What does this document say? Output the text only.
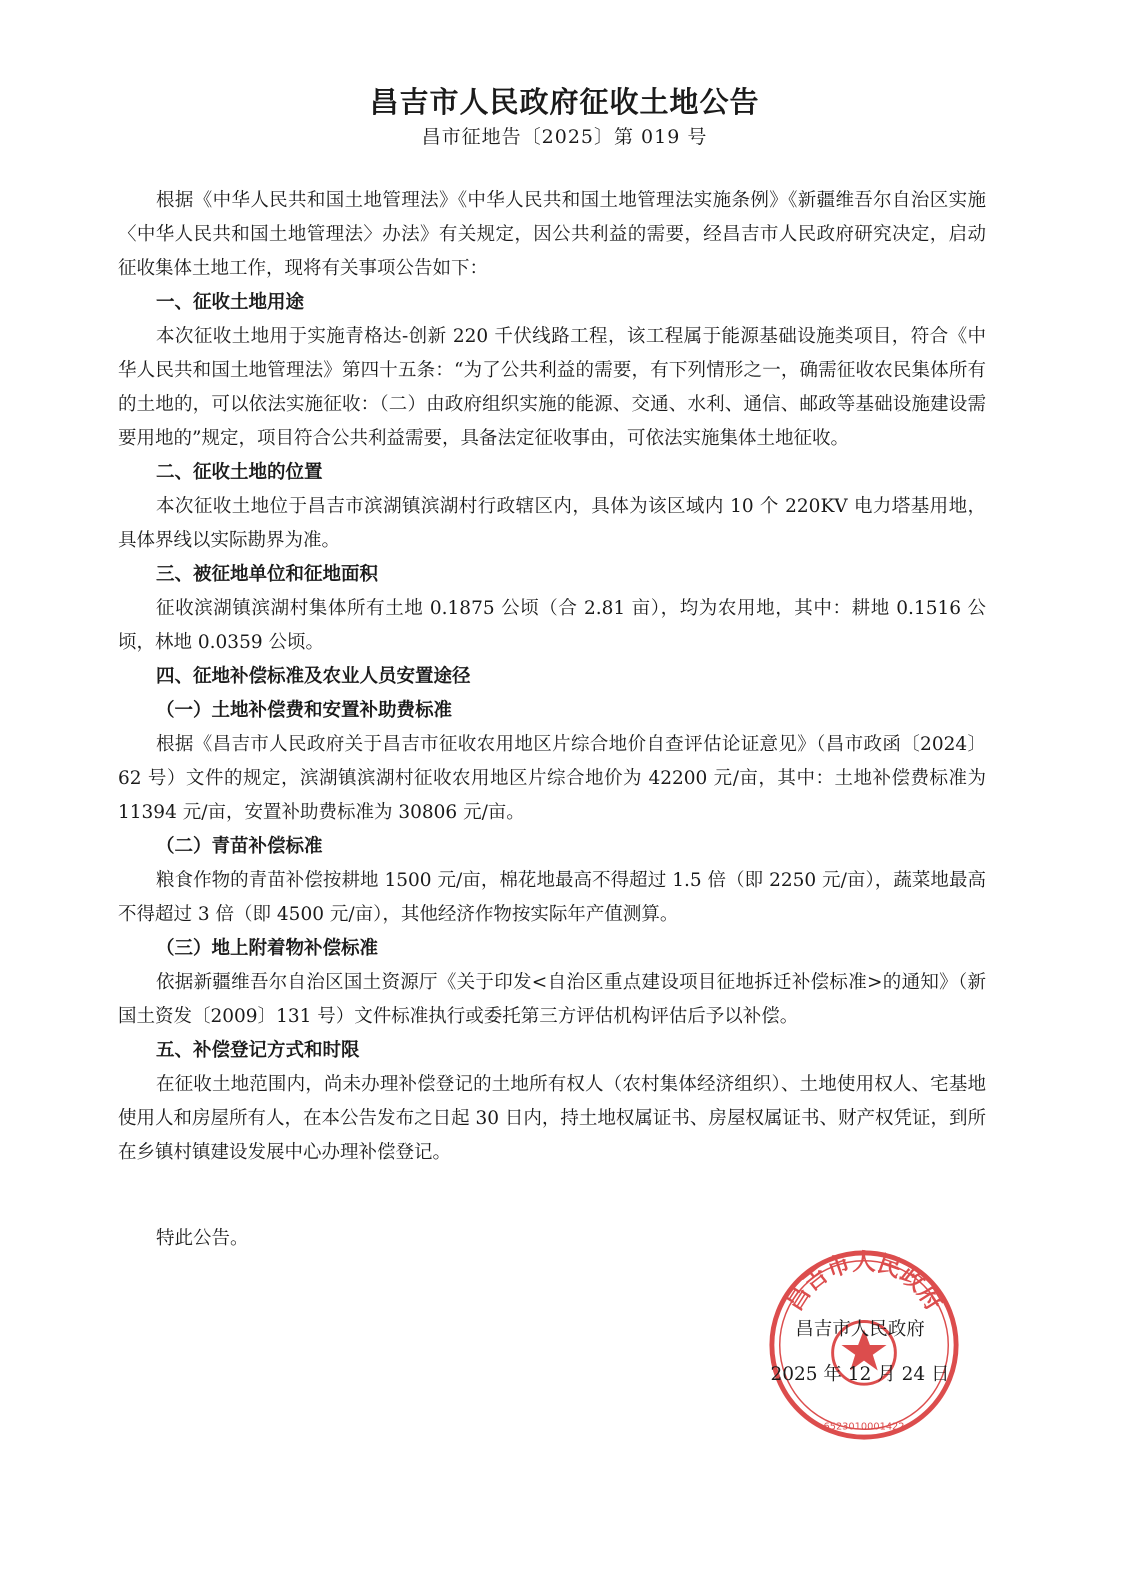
昌吉市人民政府征收土地公告
昌市征地告〔2025〕第 019 号

根据《中华人民共和国土地管理法》《中华人民共和国土地管理法实施条例》《新疆维吾尔自治区实施〈中华人民共和国土地管理法〉办法》有关规定，因公共利益的需要，经昌吉市人民政府研究决定，启动征收集体土地工作，现将有关事项公告如下：

一、征收土地用途

本次征收土地用于实施青格达-创新 220 千伏线路工程，该工程属于能源基础设施类项目，符合《中华人民共和国土地管理法》第四十五条：“为了公共利益的需要，有下列情形之一，确需征收农民集体所有的土地的，可以依法实施征收：（二）由政府组织实施的能源、交通、水利、通信、邮政等基础设施建设需要用地的”规定，项目符合公共利益需要，具备法定征收事由，可依法实施集体土地征收。

二、征收土地的位置

本次征收土地位于昌吉市滨湖镇滨湖村行政辖区内，具体为该区域内 10 个 220KV 电力塔基用地，具体界线以实际勘界为准。

三、被征地单位和征地面积

征收滨湖镇滨湖村集体所有土地 0.1875 公顷（合 2.81 亩），均为农用地，其中：耕地 0.1516 公顷，林地 0.0359 公顷。

四、征地补偿标准及农业人员安置途径
（一）土地补偿费和安置补助费标准

根据《昌吉市人民政府关于昌吉市征收农用地区片综合地价自查评估论证意见》（昌市政函〔2024〕62 号）文件的规定，滨湖镇滨湖村征收农用地区片综合地价为 42200 元/亩，其中：土地补偿费标准为 11394 元/亩，安置补助费标准为 30806 元/亩。

（二）青苗补偿标准

粮食作物的青苗补偿按耕地 1500 元/亩，棉花地最高不得超过 1.5 倍（即 2250 元/亩），蔬菜地最高不得超过 3 倍（即 4500 元/亩），其他经济作物按实际年产值测算。

（三）地上附着物补偿标准

依据新疆维吾尔自治区国土资源厅《关于印发<自治区重点建设项目征地拆迁补偿标准>的通知》（新国土资发〔2009〕131 号）文件标准执行或委托第三方评估机构评估后予以补偿。

五、补偿登记方式和时限

在征收土地范围内，尚未办理补偿登记的土地所有权人（农村集体经济组织）、土地使用权人、宅基地使用人和房屋所有人，在本公告发布之日起 30 日内，持土地权属证书、房屋权属证书、财产权凭证，到所在乡镇村镇建设发展中心办理补偿登记。

特此公告。
昌吉市人民政府
6523010001422
昌吉市人民政府
2025 年 12 月 24 日
